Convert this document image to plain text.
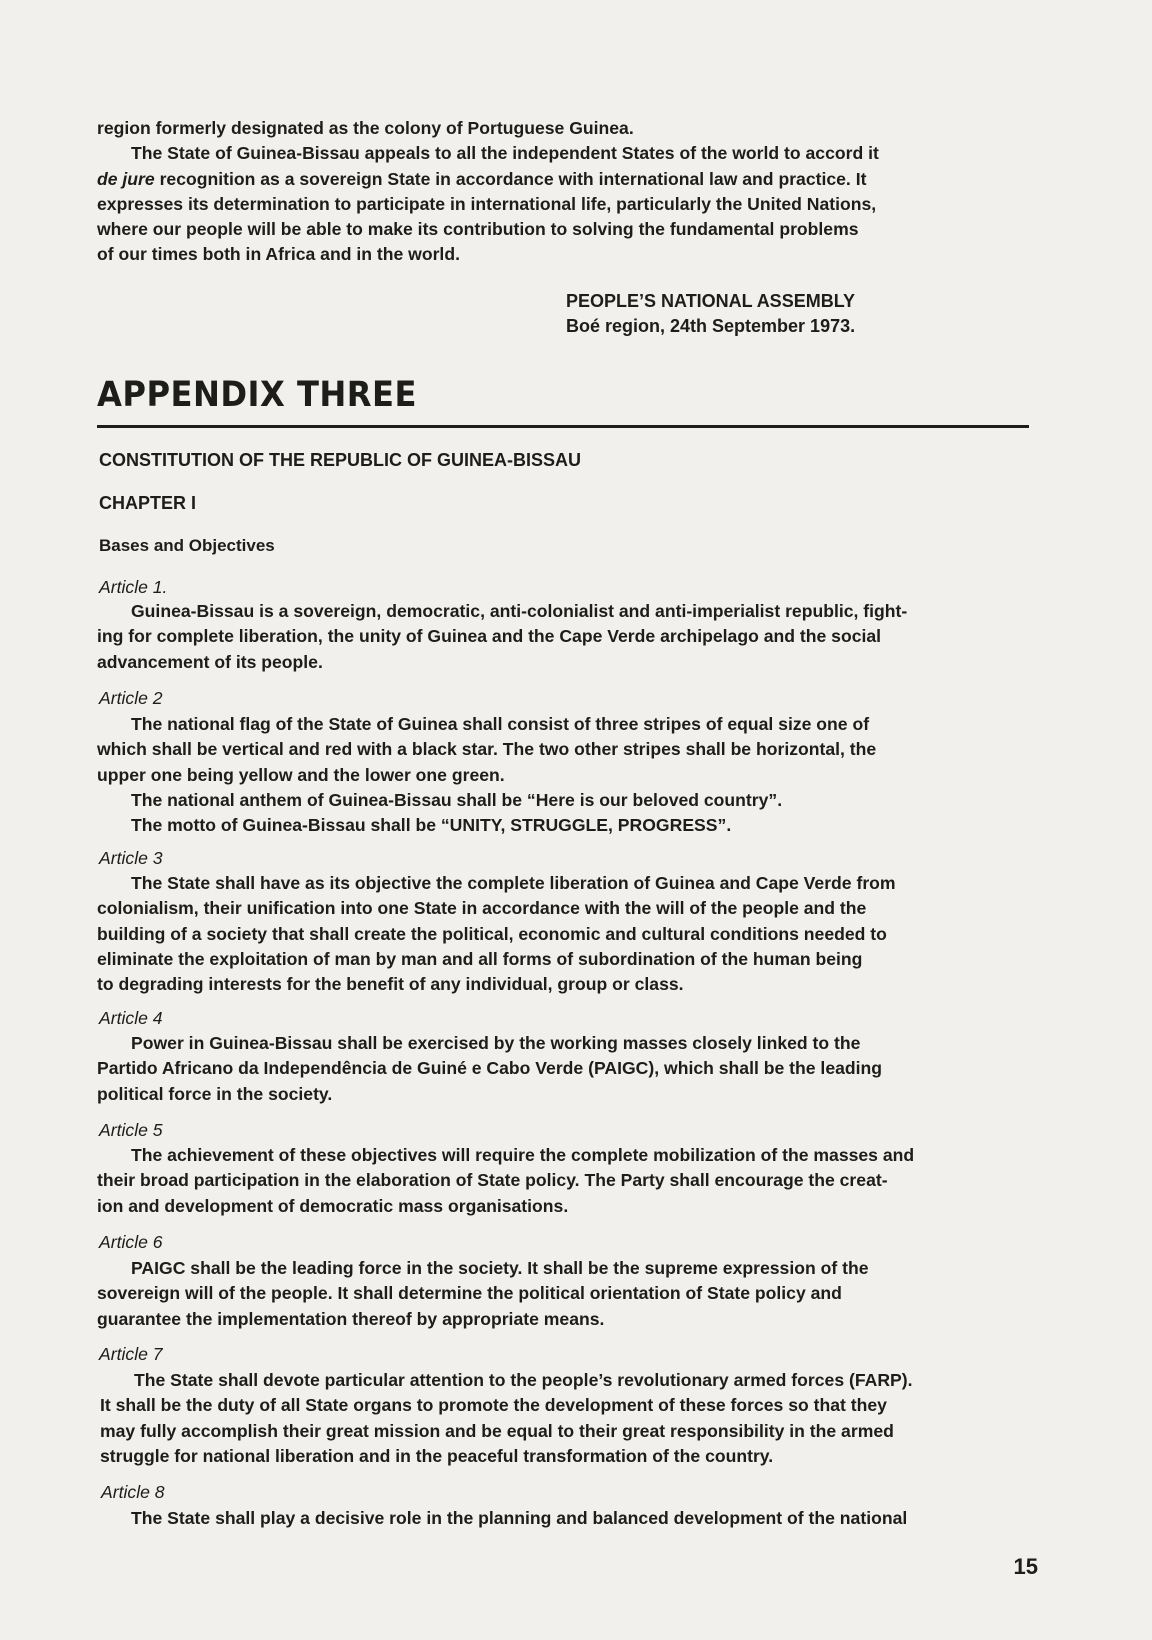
region formerly designated as the colony of Portuguese Guinea.
The State of Guinea-Bissau appeals to all the independent States of the world to accord it
de jure recognition as a sovereign State in accordance with international law and practice. It
expresses its determination to participate in international life, particularly the United Nations,
where our people will be able to make its contribution to solving the fundamental problems
of our times both in Africa and in the world.
PEOPLE’S NATIONAL ASSEMBLY
Boé region, 24th September 1973.
APPENDIX THREE
CONSTITUTION OF THE REPUBLIC OF GUINEA-BISSAU
CHAPTER I
Bases and Objectives
Article 1.
Guinea-Bissau is a sovereign, democratic, anti-colonialist and anti-imperialist republic, fight-
ing for complete liberation, the unity of Guinea and the Cape Verde archipelago and the social
advancement of its people.
Article 2
The national flag of the State of Guinea shall consist of three stripes of equal size one of
which shall be vertical and red with a black star. The two other stripes shall be horizontal, the
upper one being yellow and the lower one green.
The national anthem of Guinea-Bissau shall be “Here is our beloved country”.
The motto of Guinea-Bissau shall be “UNITY, STRUGGLE, PROGRESS”.
Article 3
The State shall have as its objective the complete liberation of Guinea and Cape Verde from
colonialism, their unification into one State in accordance with the will of the people and the
building of a society that shall create the political, economic and cultural conditions needed to
eliminate the exploitation of man by man and all forms of subordination of the human being
to degrading interests for the benefit of any individual, group or class.
Article 4
Power in Guinea-Bissau shall be exercised by the working masses closely linked to the
Partido Africano da Independência de Guiné e Cabo Verde (PAIGC), which shall be the leading
political force in the society.
Article 5
The achievement of these objectives will require the complete mobilization of the masses and
their broad participation in the elaboration of State policy. The Party shall encourage the creat-
ion and development of democratic mass organisations.
Article 6
PAIGC shall be the leading force in the society. It shall be the supreme expression of the
sovereign will of the people. It shall determine the political orientation of State policy and
guarantee the implementation thereof by appropriate means.
Article 7
The State shall devote particular attention to the people’s revolutionary armed forces (FARP).
It shall be the duty of all State organs to promote the development of these forces so that they
may fully accomplish their great mission and be equal to their great responsibility in the armed
struggle for national liberation and in the peaceful transformation of the country.
Article 8
The State shall play a decisive role in the planning and balanced development of the national
15
